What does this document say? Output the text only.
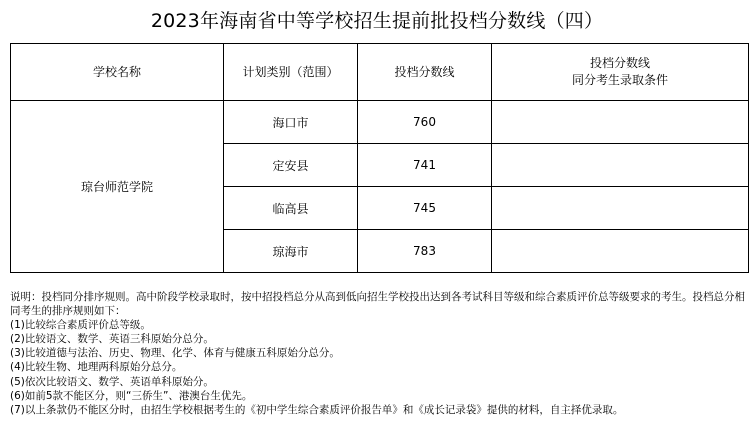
2023年海南省中等学校招生提前批投档分数线（四）
学校名称	计划类别（范围）	投档分数线	投档分数线
同分考生录取条件

琼台师范学院	海口市	760	
	定安县	741	
	临高县	745	
	琼海市	783	
说明：投档同分排序规则。高中阶段学校录取时，按中招投档总分从高到低向招生学校投出达到各考试科目等级和综合素质评价总等级要求的考生。投档总分相同考生的排序规则如下：
(1)比较综合素质评价总等级。
(2)比较语文、数学、英语三科原始分总分。
(3)比较道德与法治、历史、物理、化学、体育与健康五科原始分总分。
(4)比较生物、地理两科原始分总分。
(5)依次比较语文、数学、英语单科原始分。
(6)如前5款不能区分，则“三侨生”、港澳台生优先。
(7)以上条款仍不能区分时，由招生学校根据考生的《初中学生综合素质评价报告单》和《成长记录袋》提供的材料，自主择优录取。
